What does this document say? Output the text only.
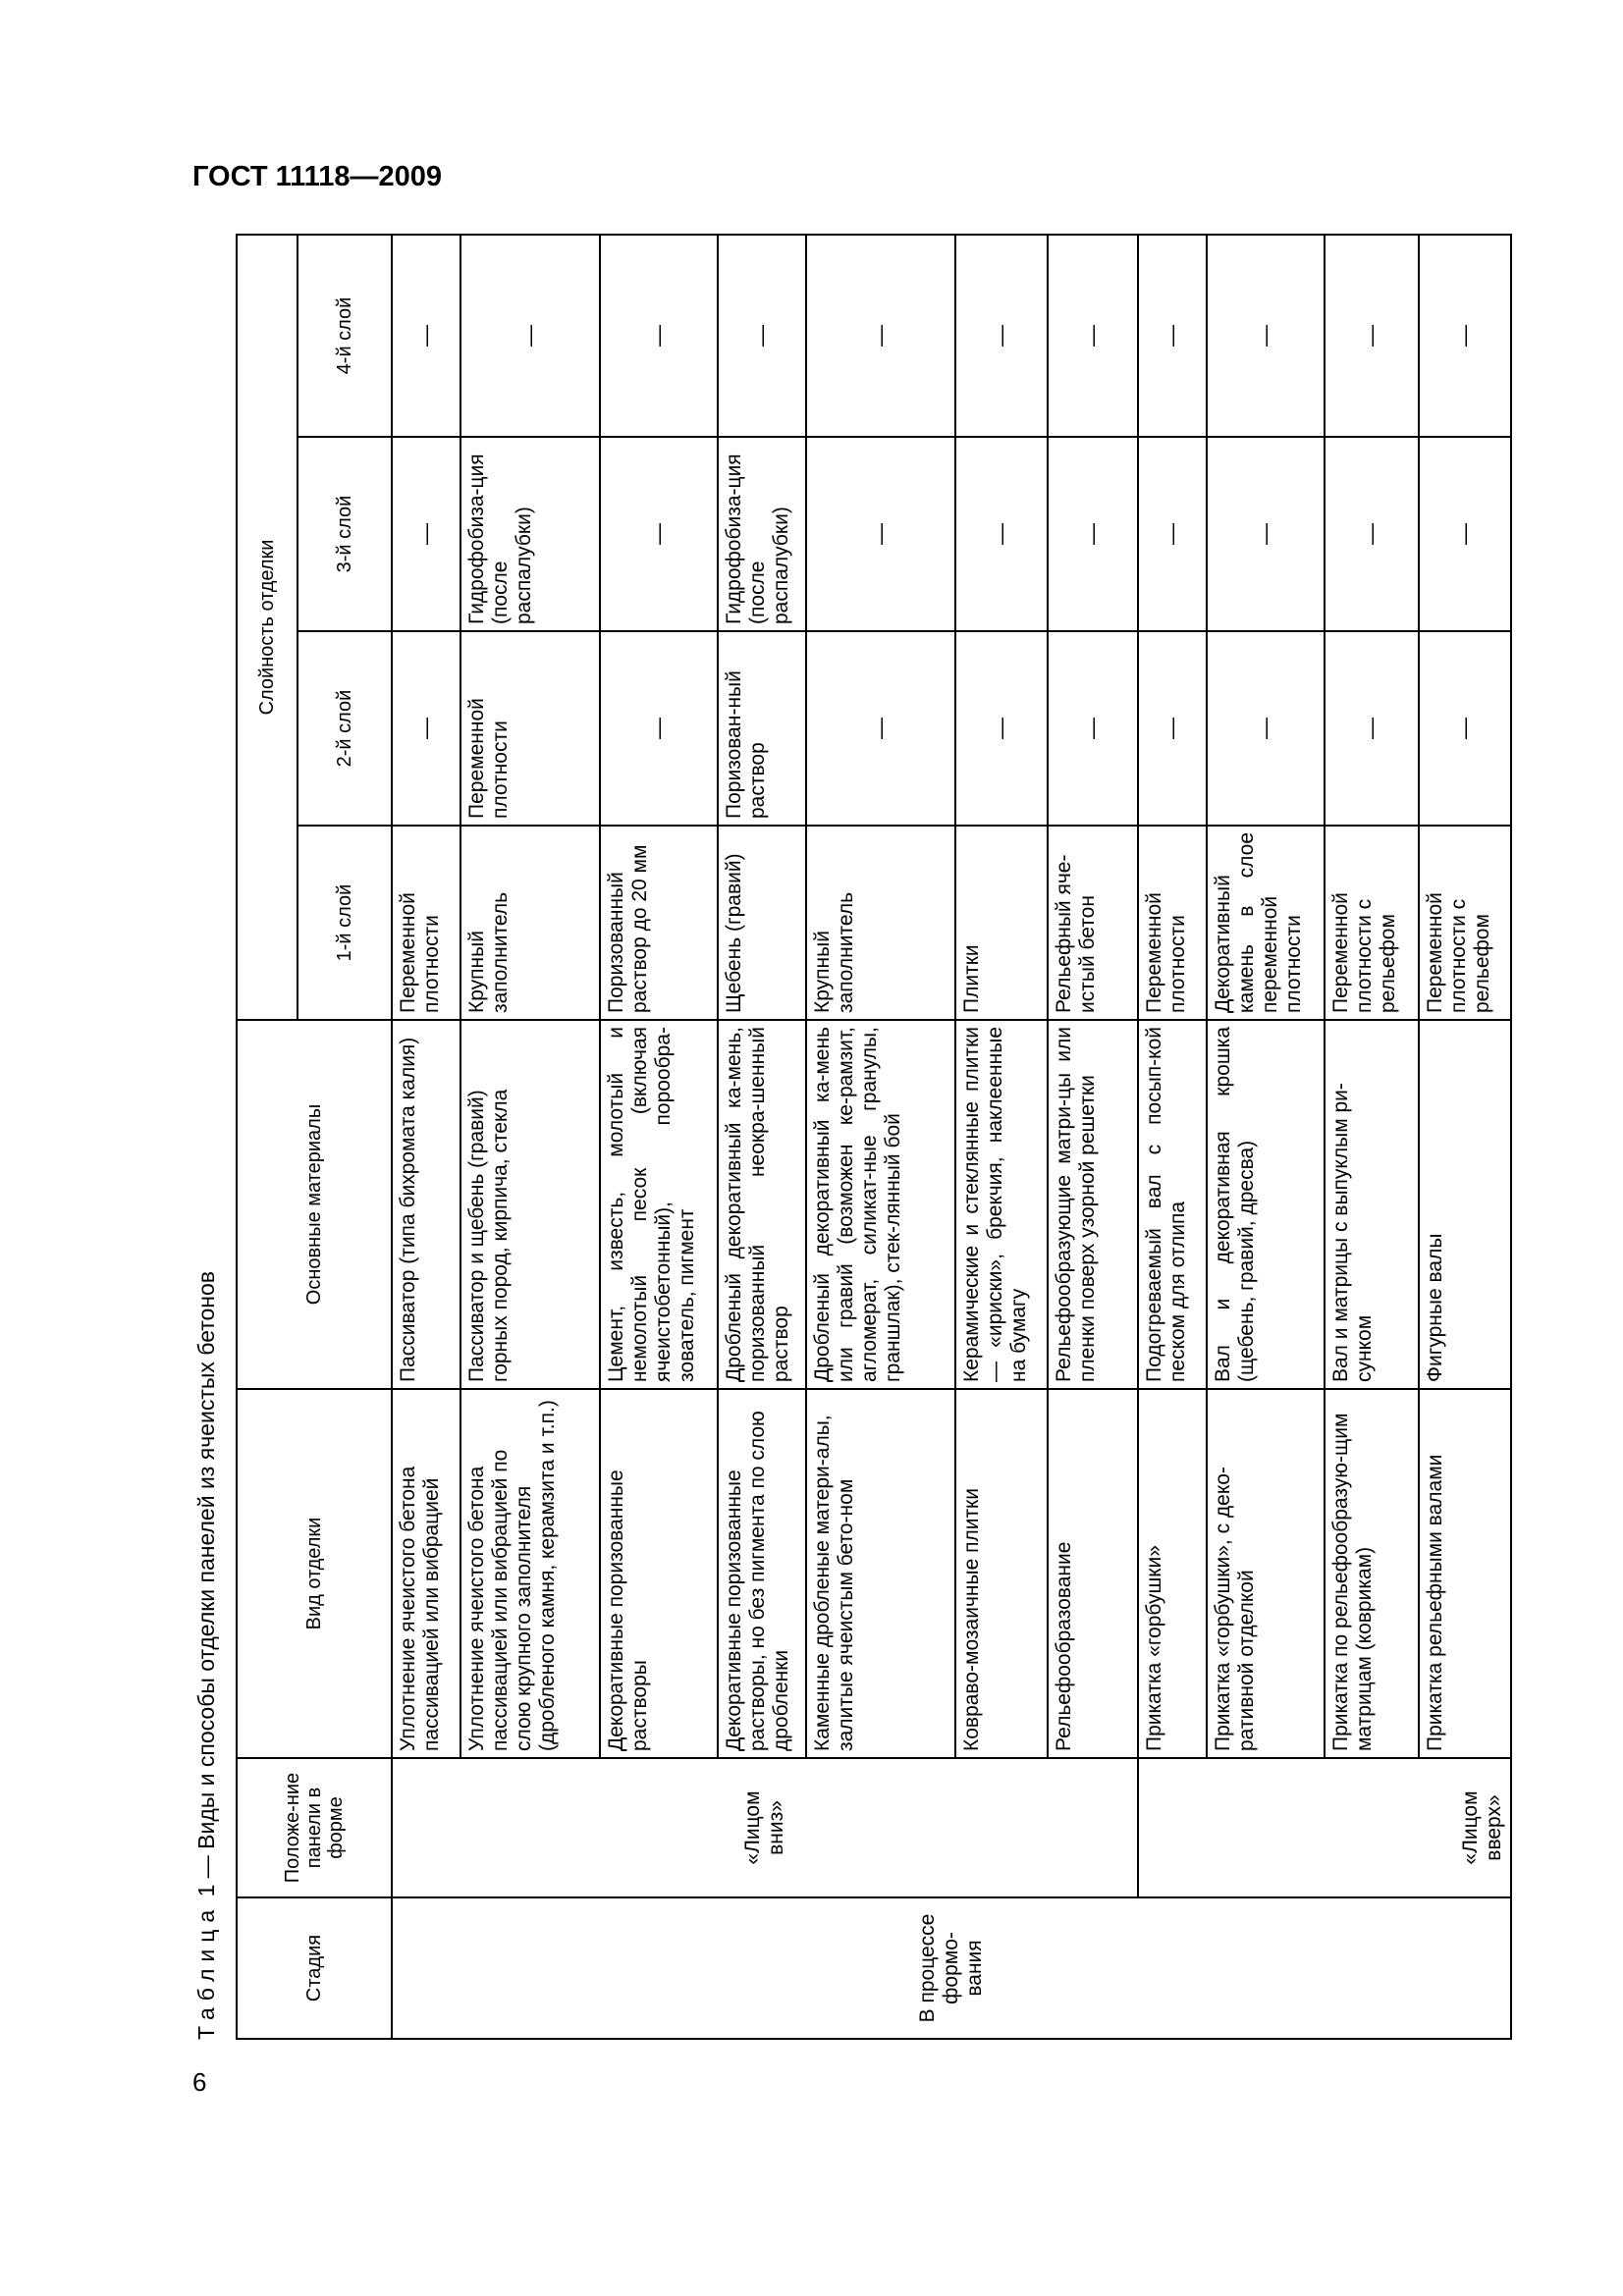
ГОСТ 11118—2009
6
Таблица 1 — Виды и способы отделки панелей из ячеистых бетонов
Стадия	Положе-ние панели в форме	Вид отделки	Основные материалы	Слойность отделки			
				1-й слой	2-й слой	3-й слой	4-й слой
В процессе формо-вания	«Лицом вниз»	Уплотнение ячеистого бетона пассивацией или вибрацией	Пассиватор (типа бихромата калия)	Переменной плотности	—	—	—
		Уплотнение ячеистого бетона пассивацией или вибрацией по слою крупного заполнителя (дробленого камня, керамзита и т.п.)	Пассиватор и щебень (гравий) горных пород, кирпича, стекла	Крупный заполнитель	Переменной плотности	Гидрофобиза-ция (после распалубки)	—
		Декоративные поризованные растворы	Цемент, известь, молотый и немолотый песок (включая ячеистобетонный), порообра-зователь, пигмент	Поризованный раствор до 20 мм	—	—	—
		Декоративные поризованные растворы, но без пигмента по слою дробленки	Дробленый декоративный ка-мень, поризованный неокра-шенный раствор	Щебень (гравий)	Поризован-ный раствор	Гидрофобиза-ция (после распалубки)	—
		Каменные дробленые матери-алы, залитые ячеистым бето-ном	Дробленый декоративный ка-мень или гравий (возможен ке-рамзит, агломерат, силикат-ные гранулы, граншлак), стек-лянный бой	Крупный заполнитель	—	—	—
		Ковраво-мозаичные плитки	Керамические и стеклянные плитки — «ириски», брекчия, наклеенные на бумагу	Плитки	—	—	—
		Рельефообразование	Рельефообразующие матри-цы или пленки поверх узорной решетки	Рельефный яче-истый бетон	—	—	—
	«Лицом вверх»	Прикатка «горбушки»	Подогреваемый вал с посып-кой песком для отлипа	Переменной плотности	—	—	—
		Прикатка «горбушки», с деко-ративной отделкой	Вал и декоративная крошка (щебень, гравий, дресва)	Декоративный камень в слое переменной плотности	—	—	—
		Прикатка по рельефообразую-щим матрицам (коврикам)	Вал и матрицы с выпуклым ри-сунком	Переменной плотности с рельефом	—	—	—
		Прикатка рельефными валами	Фигурные валы	Переменной плотности с рельефом	—	—	—
